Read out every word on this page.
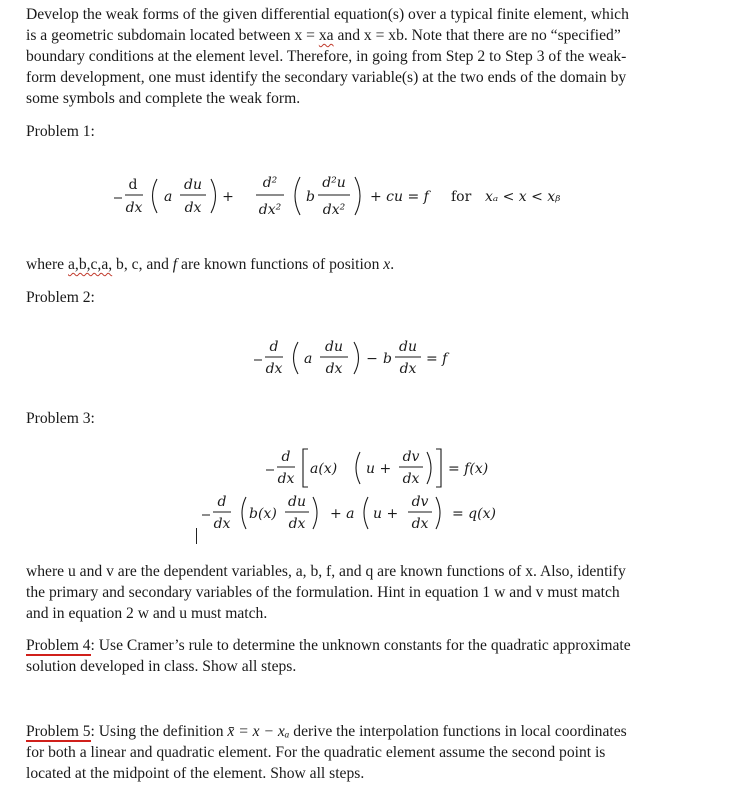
Develop the weak forms of the given differential equation(s) over a typical finite element, which
is a geometric subdomain located between x = xa and x = xb. Note that there are no “specified”
boundary conditions at the element level. Therefore, in going from Step 2 to Step 3 of the weak-
form development, one must identify the secondary variable(s) at the two ends of the domain by
some symbols and complete the weak form.
Problem 1:
d
dx
a
du
dx
+
d²
dx²
b
d²u
dx²
+ cu = f for xₐ < x < xᵦ
where a,b,c,a, b, c, and f are known functions of position x.
Problem 2:
d
dx
a
du
dx
− b
du
dx
= f
Problem 3:
d
dx
a(x) u +
dv
dx
= f(x)
d
dx
b(x)
du
dx
+ a u +
dv
dx
= q(x)
where u and v are the dependent variables, a, b, f, and q are known functions of x. Also, identify
the primary and secondary variables of the formulation. Hint in equation 1 w and v must match
and in equation 2 w and u must match.
Problem 4: Use Cramer’s rule to determine the unknown constants for the quadratic approximate
solution developed in class. Show all steps.
Problem 5: Using the definition x̄ = x − xₐ derive the interpolation functions in local coordinates
for both a linear and quadratic element. For the quadratic element assume the second point is
located at the midpoint of the element. Show all steps.
